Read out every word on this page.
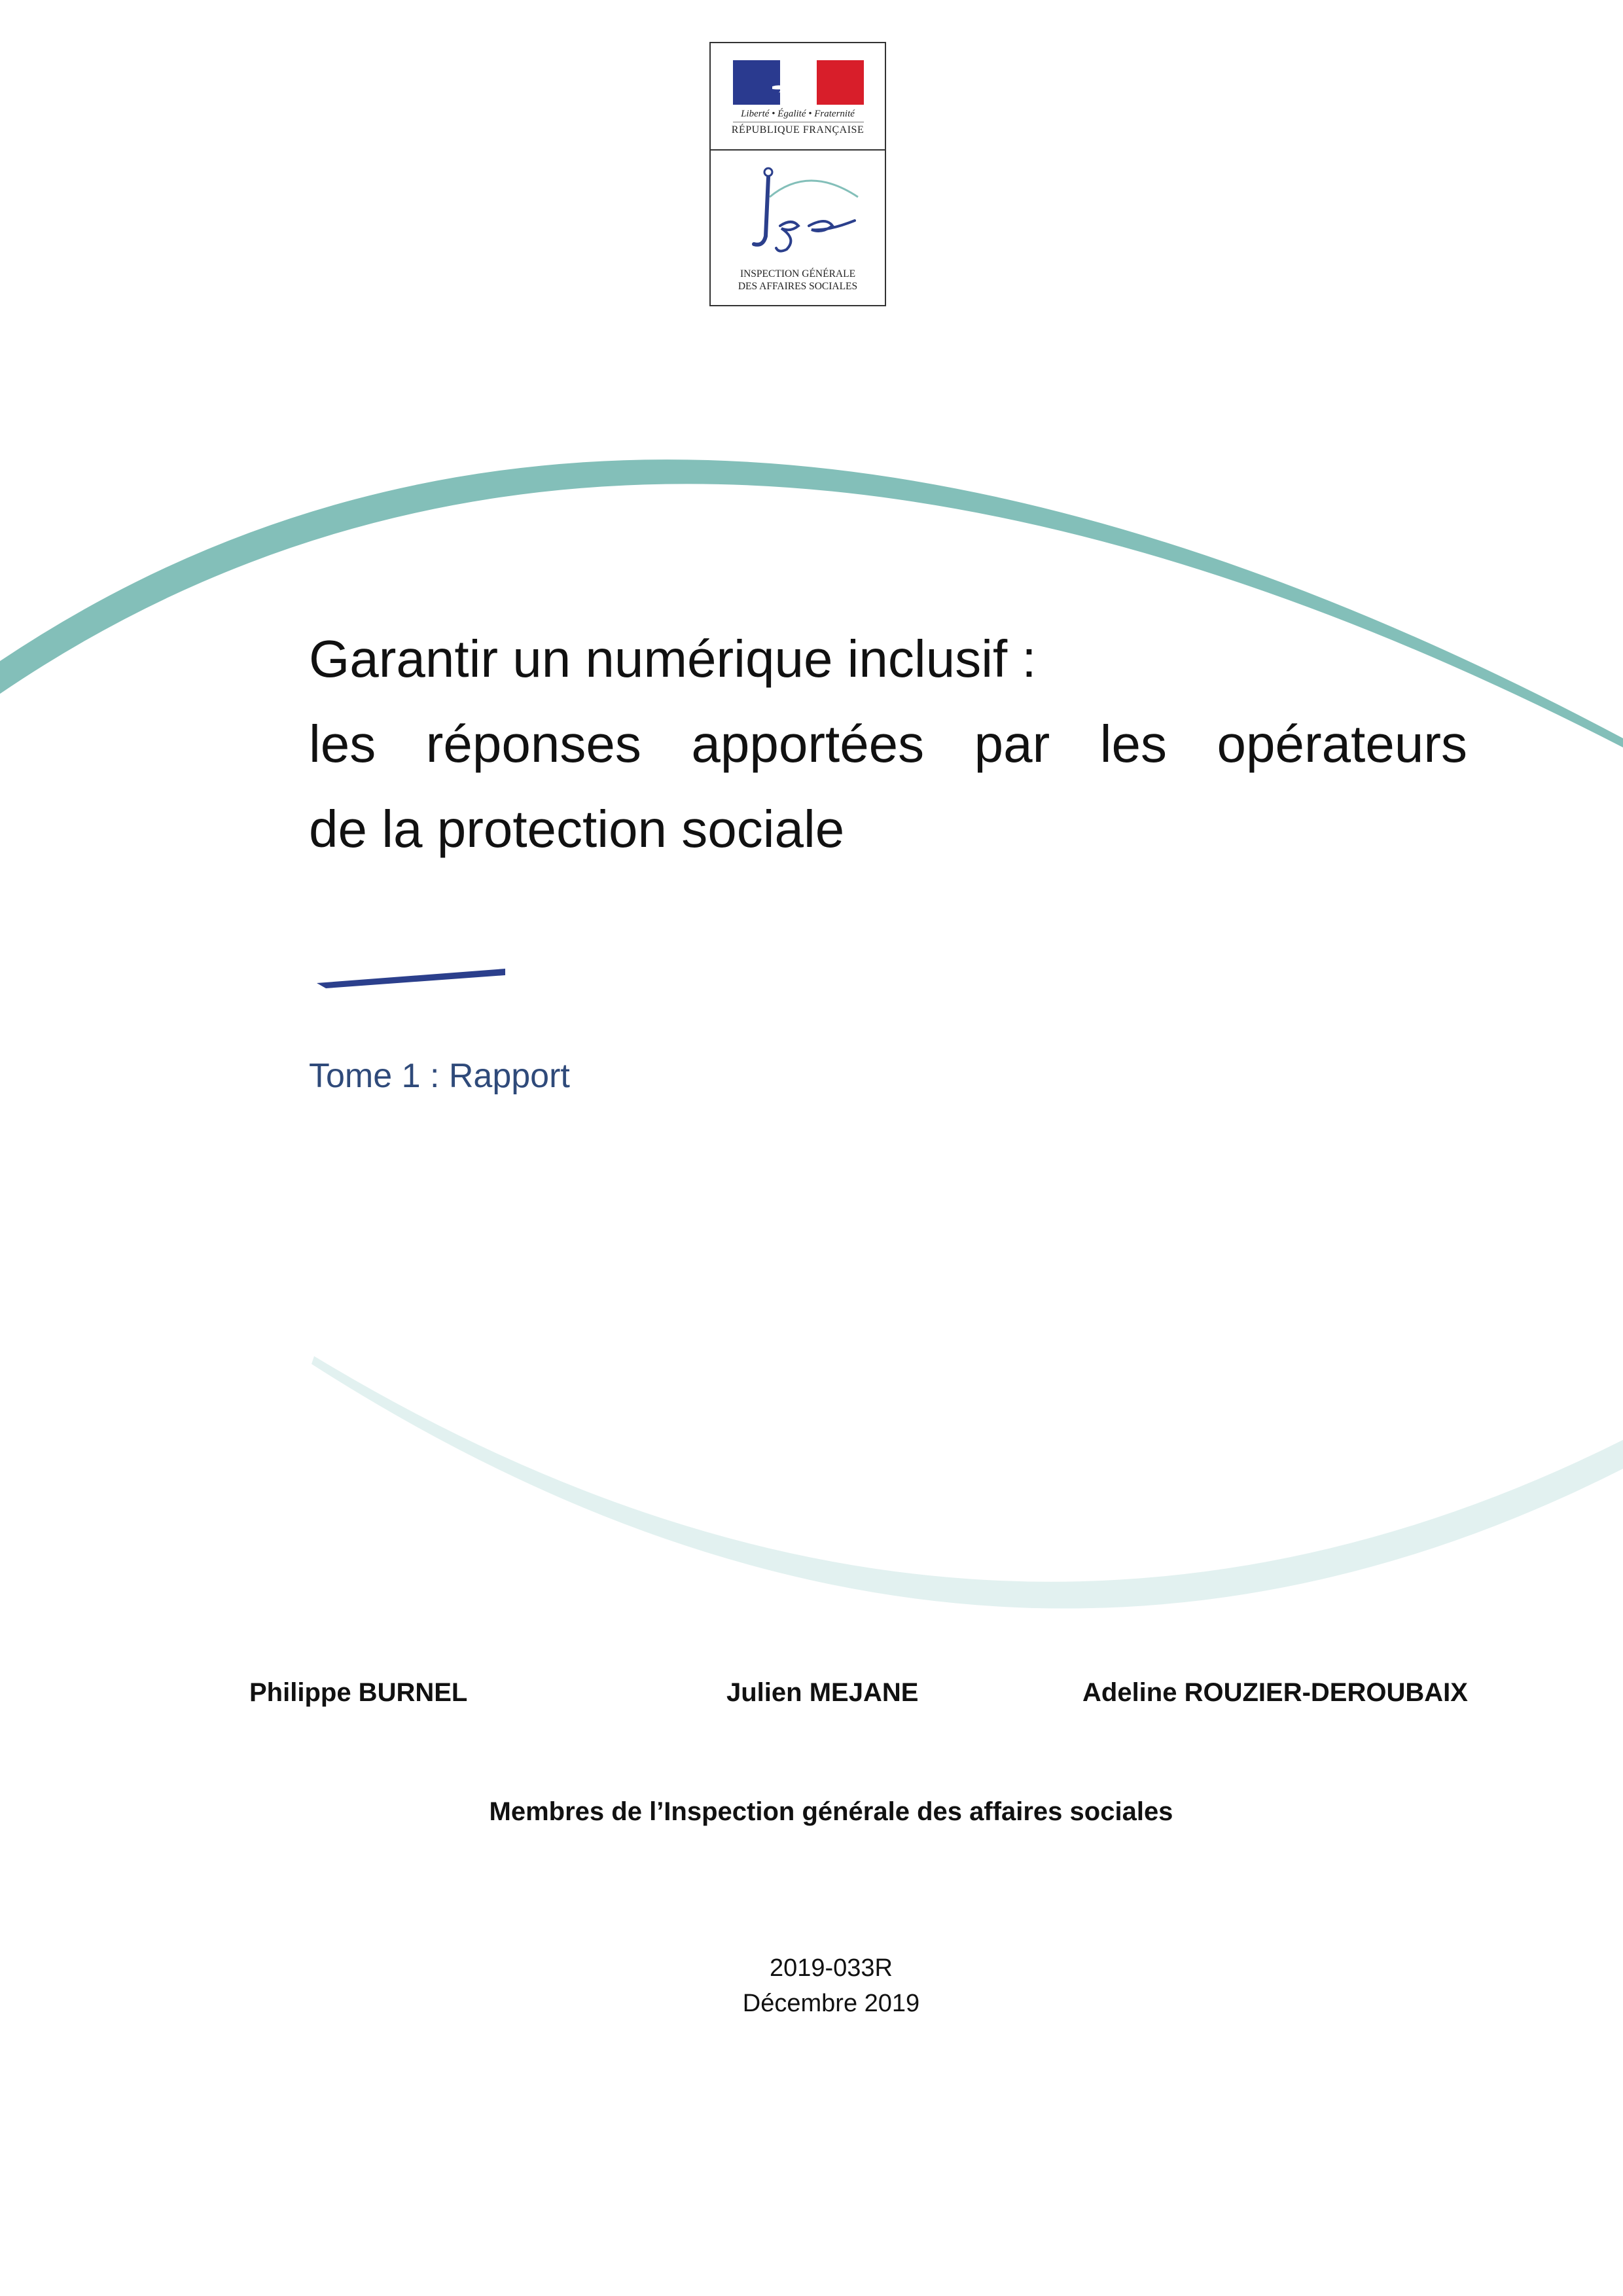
Liberté • Égalité • Fraternité
RÉPUBLIQUE FRANÇAISE
INSPECTION GÉNÉRALE
DES AFFAIRES SOCIALES
Garantir un numérique inclusif :
les réponses apportées par les opérateurs
de la protection sociale
Tome 1 : Rapport
Philippe BURNEL	Julien MEJANE	Adeline ROUZIER-DEROUBAIX
Membres de l’Inspection générale des affaires sociales
2019-033R
Décembre 2019
